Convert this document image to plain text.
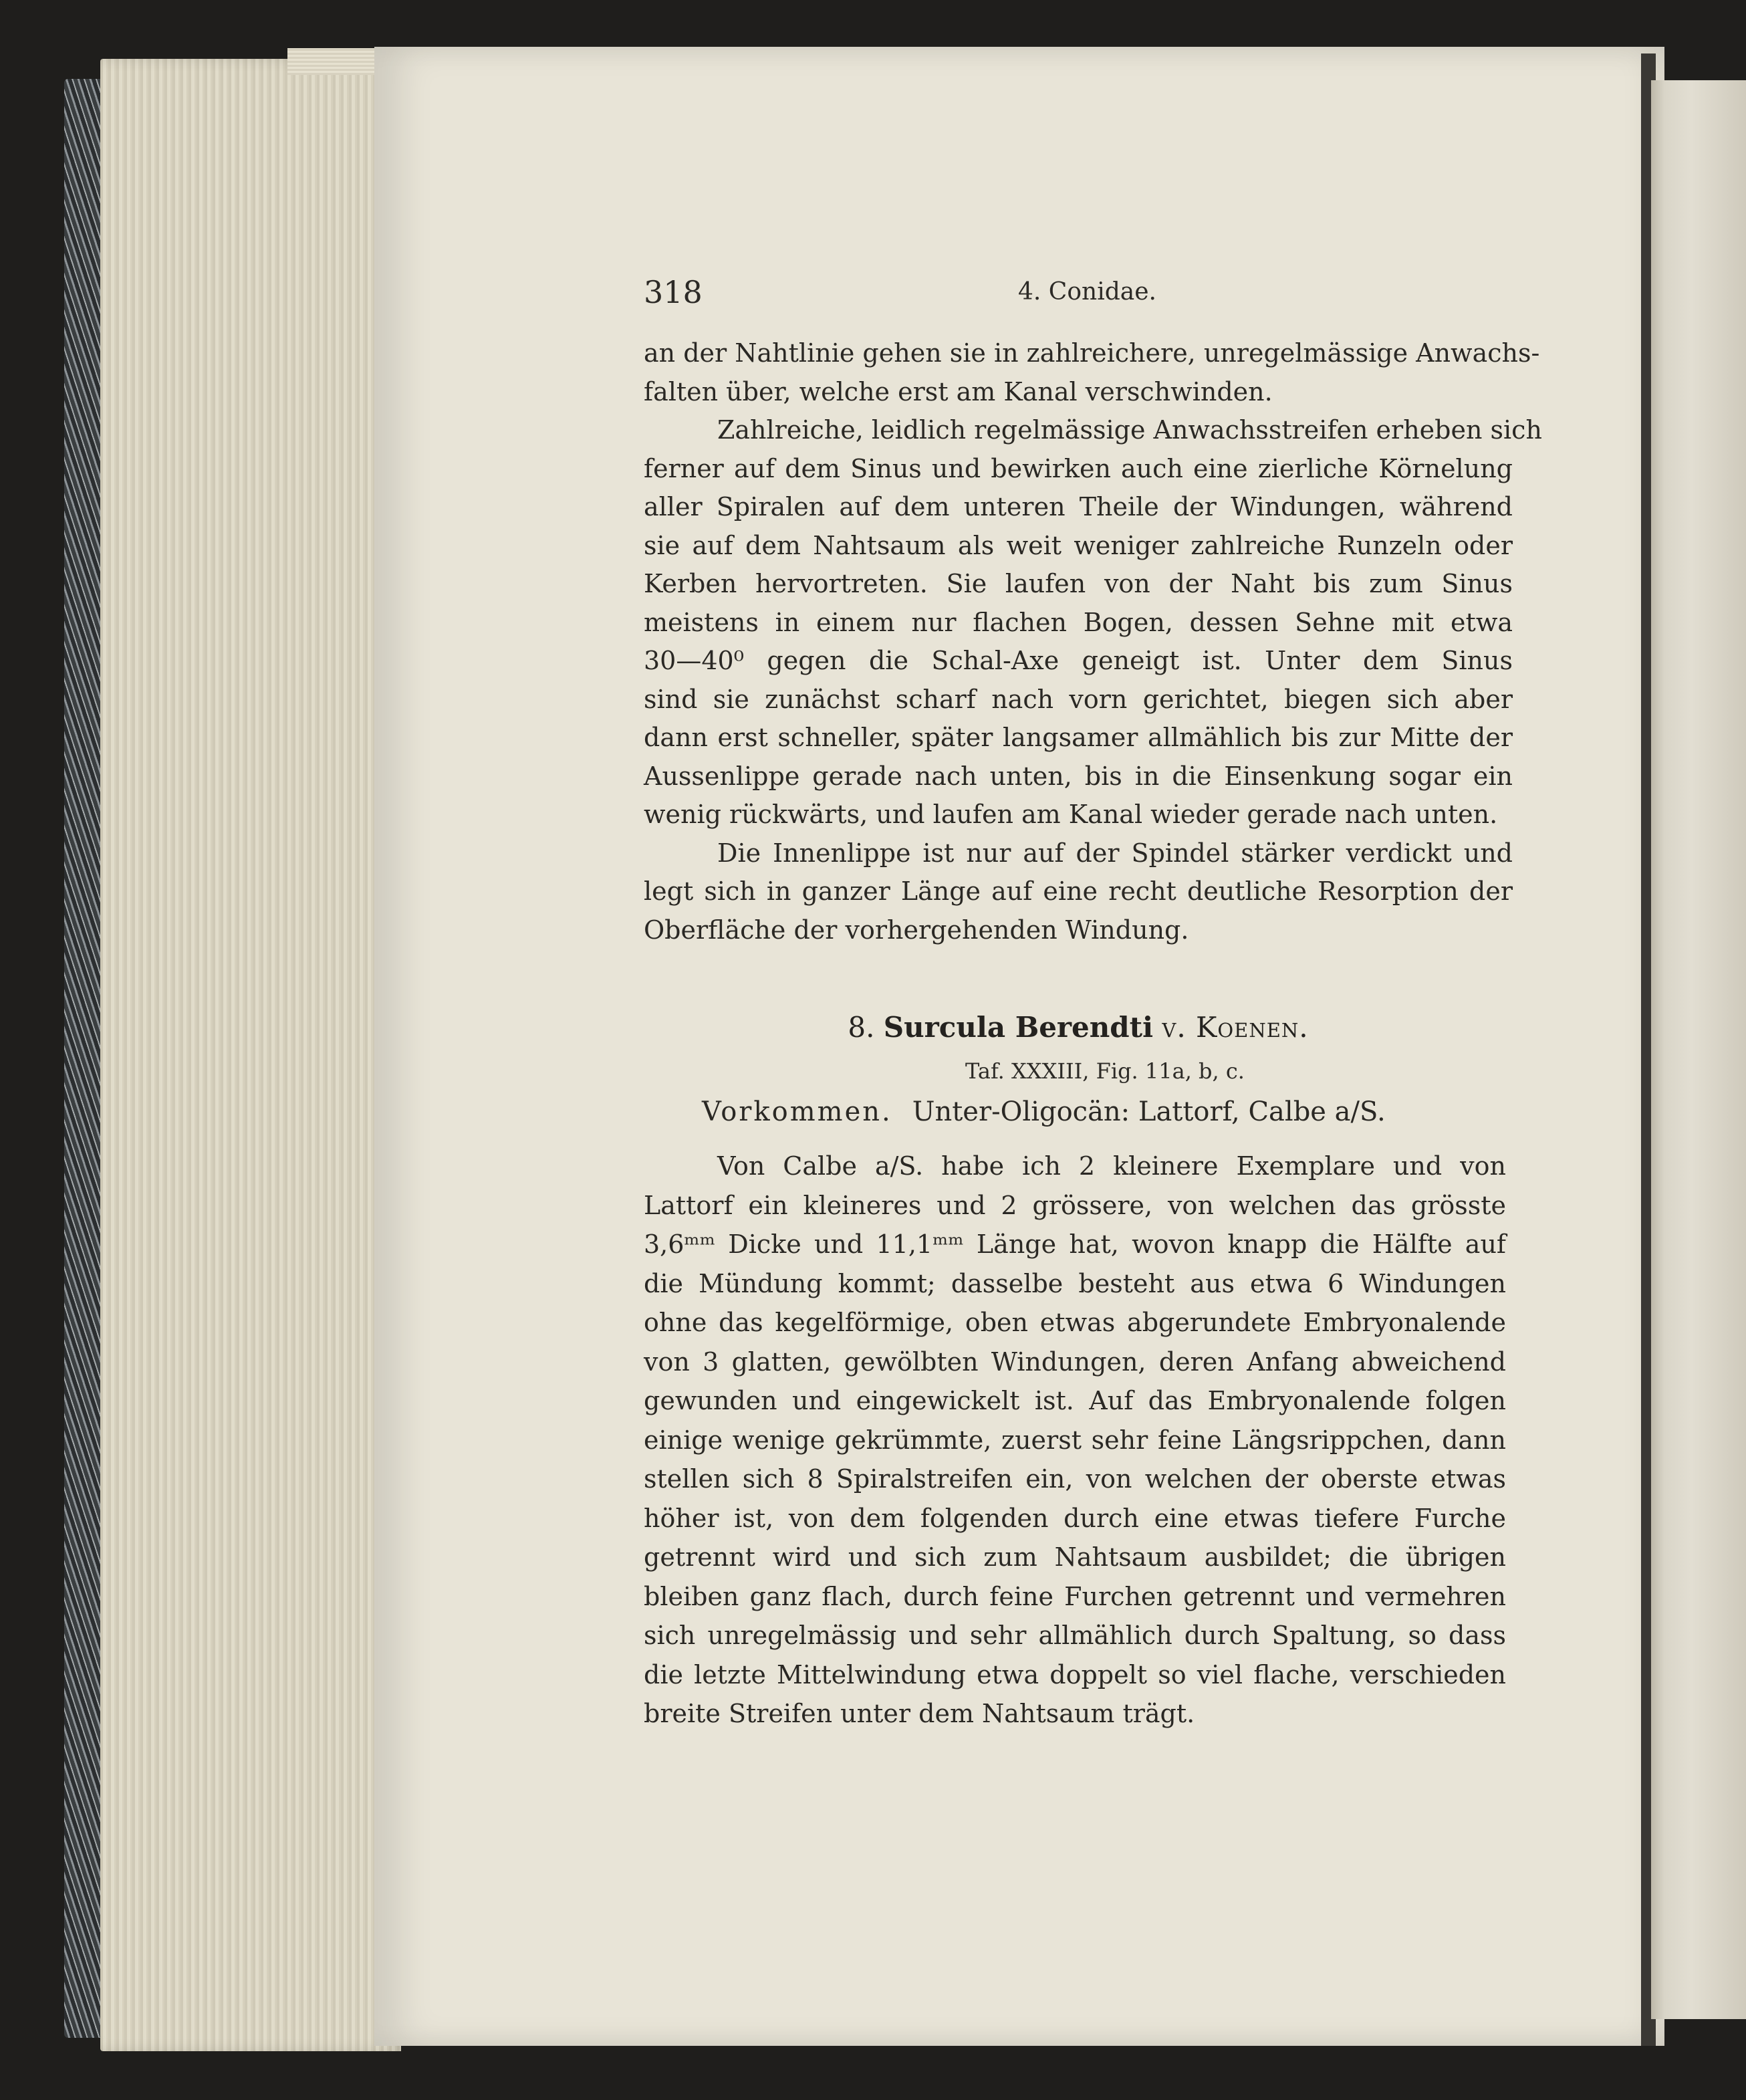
318	4. Conidae.
an der Nahtlinie gehen sie in zahlreichere, unregelmässige Anwachs-
falten über, welche erst am Kanal verschwinden.
Zahlreiche, leidlich regelmässige Anwachsstreifen erheben sich
ferner auf dem Sinus und bewirken auch eine zierliche Körnelung
aller Spiralen auf dem unteren Theile der Windungen, während
sie auf dem Nahtsaum als weit weniger zahlreiche Runzeln oder
Kerben hervortreten. Sie laufen von der Naht bis zum Sinus
meistens in einem nur flachen Bogen, dessen Sehne mit etwa
30—40⁰ gegen die Schal-Axe geneigt ist. Unter dem Sinus
sind sie zunächst scharf nach vorn gerichtet, biegen sich aber
dann erst schneller, später langsamer allmählich bis zur Mitte der
Aussenlippe gerade nach unten, bis in die Einsenkung sogar ein
wenig rückwärts, und laufen am Kanal wieder gerade nach unten.
Die Innenlippe ist nur auf der Spindel stärker verdickt und
legt sich in ganzer Länge auf eine recht deutliche Resorption der
Oberfläche der vorhergehenden Windung.
8. Surcula Berendti v. Koenen.
Taf. XXXIII, Fig. 11a, b, c.
Vorkommen. Unter-Oligocän: Lattorf, Calbe a/S.
Von Calbe a/S. habe ich 2 kleinere Exemplare und von
Lattorf ein kleineres und 2 grössere, von welchen das grösste
3,6ᵐᵐ Dicke und 11,1ᵐᵐ Länge hat, wovon knapp die Hälfte auf
die Mündung kommt; dasselbe besteht aus etwa 6 Windungen
ohne das kegelförmige, oben etwas abgerundete Embryonalende
von 3 glatten, gewölbten Windungen, deren Anfang abweichend
gewunden und eingewickelt ist. Auf das Embryonalende folgen
einige wenige gekrümmte, zuerst sehr feine Längsrippchen, dann
stellen sich 8 Spiralstreifen ein, von welchen der oberste etwas
höher ist, von dem folgenden durch eine etwas tiefere Furche
getrennt wird und sich zum Nahtsaum ausbildet; die übrigen
bleiben ganz flach, durch feine Furchen getrennt und vermehren
sich unregelmässig und sehr allmählich durch Spaltung, so dass
die letzte Mittelwindung etwa doppelt so viel flache, verschieden
breite Streifen unter dem Nahtsaum trägt.
